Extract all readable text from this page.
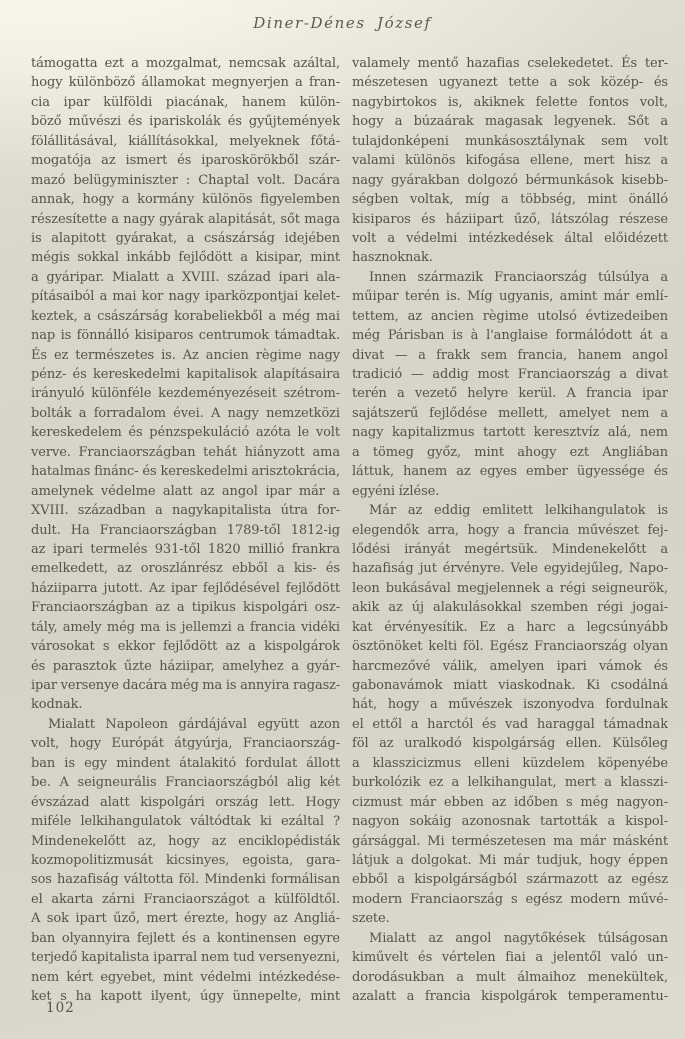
Diner-Dénes József
támogatta ezt a mozgalmat, nemcsak azáltal,
hogy különböző államokat megnyerjen a fran-
cia ipar külföldi piacának, hanem külön-
böző művészi és ipariskolák és gyűjtemények
fölállitásával, kiállításokkal, melyeknek főtá-
mogatója az ismert és iparoskörökből szár-
mazó belügyminiszter : Chaptal volt. Dacára
annak, hogy a kormány különös figyelemben
részesítette a nagy gyárak alapitását, sőt maga
is alapitott gyárakat, a császárság idejében
mégis sokkal inkább fejlődött a kisipar, mint
a gyáripar. Mialatt a XVIII. század ipari ala-
pításaiból a mai kor nagy iparközpontjai kelet-
keztek, a császárság korabeliekből a még mai
nap is fönnálló kisiparos centrumok támadtak.
És ez természetes is. Az ancien règime nagy
pénz- és kereskedelmi kapitalisok alapításaira
irányuló különféle kezdeményezéseit szétrom-
bolták a forradalom évei. A nagy nemzetközi
kereskedelem és pénzspekuláció azóta le volt
verve. Franciaországban tehát hiányzott ama
hatalmas finánc- és kereskedelmi arisztokrácia,
amelynek védelme alatt az angol ipar már a
XVIII. században a nagykapitalista útra for-
dult. Ha Franciaországban 1789-től 1812-ig
az ipari termelés 931-től 1820 millió frankra
emelkedett, az oroszlánrész ebből a kis- és
háziiparra jutott. Az ipar fejlődésével fejlődött
Franciaországban az a tipikus kispolgári osz-
tály, amely még ma is jellemzi a francia vidéki
városokat s ekkor fejlődött az a kispolgárok
és parasztok űzte háziipar, amelyhez a gyár-
ipar versenye dacára még ma is annyira ragasz-
kodnak.
Mialatt Napoleon gárdájával együtt azon
volt, hogy Európát átgyúrja, Franciaország-
ban is egy mindent átalakitó fordulat állott
be. A seigneurális Franciaországból alig két
évszázad alatt kispolgári ország lett. Hogy
miféle lelkihangulatok váltódtak ki ezáltal ?
Mindenekelőtt az, hogy az enciklopédisták
kozmopolitizmusát kicsinyes, egoista, gara-
sos hazafiság váltotta föl. Mindenki formálisan
el akarta zárni Franciaországot a külföldtől.
A sok ipart űző, mert érezte, hogy az Angliá-
ban olyannyira fejlett és a kontinensen egyre
terjedő kapitalista iparral nem tud versenyezni,
nem kért egyebet, mint védelmi intézkedése-
ket s ha kapott ilyent, úgy ünnepelte, mint
valamely mentő hazafias cselekedetet. És ter-
mészetesen ugyanezt tette a sok közép- és
nagybirtokos is, akiknek felette fontos volt,
hogy a búzaárak magasak legyenek. Sőt a
tulajdonképeni munkásosztálynak sem volt
valami különös kifogása ellene, mert hisz a
nagy gyárakban dolgozó bérmunkások kisebb-
ségben voltak, míg a többség, mint önálló
kisiparos és háziipart űző, látszólag részese
volt a védelmi intézkedések által előidézett
hasznoknak.
Innen származik Franciaország túlsúlya a
műipar terén is. Míg ugyanis, amint már emlí-
tettem, az ancien règime utolsó évtizedeiben
még Párisban is à l'anglaise formálódott át a
divat — a frakk sem francia, hanem angol
tradició — addig most Franciaország a divat
terén a vezető helyre kerül. A francia ipar
sajátszerű fejlődése mellett, amelyet nem a
nagy kapitalizmus tartott keresztvíz alá, nem
a tömeg győz, mint ahogy ezt Angliában
láttuk, hanem az egyes ember ügyessége és
egyéni ízlése.
Már az eddig emlitett lelkihangulatok is
elegendők arra, hogy a francia művészet fej-
lődési irányát megértsük. Mindenekelőtt a
hazafiság jut érvényre. Vele egyidejűleg, Napo-
leon bukásával megjelennek a régi seigneurök,
akik az új alakulásokkal szemben régi jogai-
kat érvényesítik. Ez a harc a legcsúnyább
ösztönöket kelti föl. Egész Franciaország olyan
harcmezővé válik, amelyen ipari vámok és
gabonavámok miatt viaskodnak. Ki csodálná
hát, hogy a művészek iszonyodva fordulnak
el ettől a harctól és vad haraggal támadnak
föl az uralkodó kispolgárság ellen. Külsőleg
a klasszicizmus elleni küzdelem köpenyébe
burkolózik ez a lelkihangulat, mert a klasszi-
cizmust már ebben az időben s még nagyon-
nagyon sokáig azonosnak tartották a kispol-
gársággal. Mi természetesen ma már másként
látjuk a dolgokat. Mi már tudjuk, hogy éppen
ebből a kispolgárságból származott az egész
modern Franciaország s egész modern művé-
szete.
Mialatt az angol nagytőkések túlságosan
kiművelt és vértelen fiai a jelentől való un-
dorodásukban a mult álmaihoz menekültek,
azalatt a francia kispolgárok temperamentu-
102
